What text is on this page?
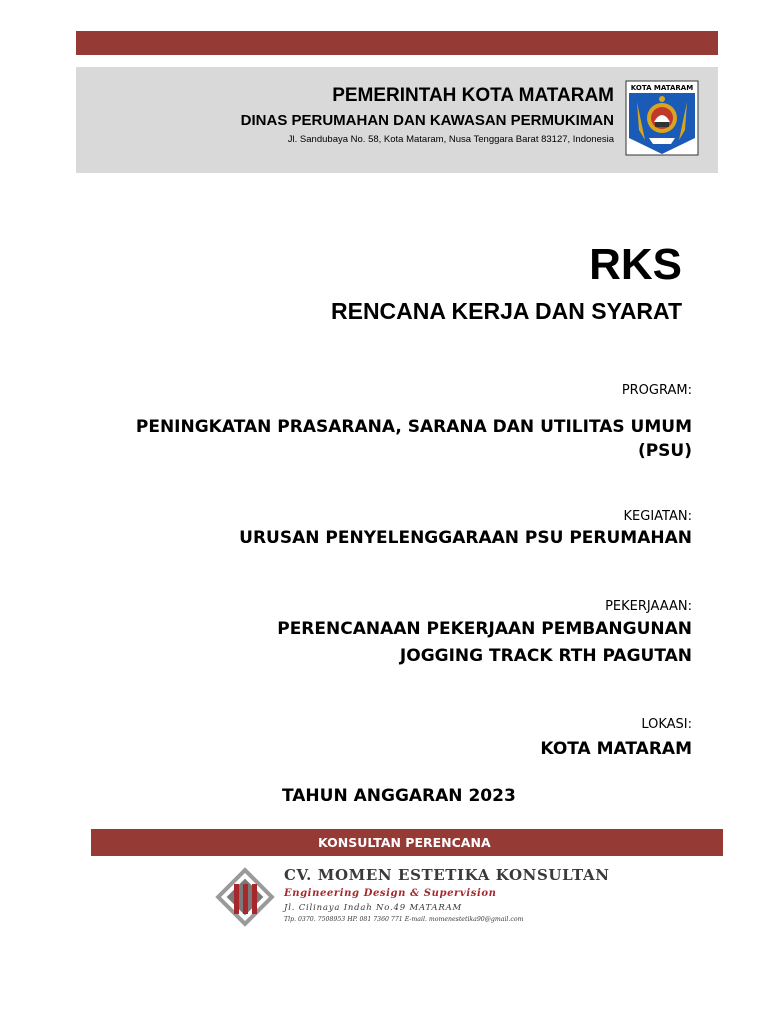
PEMERINTAH KOTA MATARAM
DINAS PERUMAHAN DAN KAWASAN PERMUKIMAN
Jl. Sandubaya No. 58, Kota Mataram, Nusa Tenggara Barat 83127, Indonesia
KOTA MATARAM
RKS
RENCANA KERJA DAN SYARAT
PROGRAM:
PENINGKATAN PRASARANA, SARANA DAN UTILITAS UMUM
(PSU)
KEGIATAN:
URUSAN PENYELENGGARAAN PSU PERUMAHAN
PEKERJAAAN:
PERENCANAAN PEKERJAAN PEMBANGUNAN
JOGGING TRACK RTH PAGUTAN
LOKASI:
KOTA MATARAM
TAHUN ANGGARAN 2023
KONSULTAN PERENCANA
CV. MOMEN ESTETIKA KONSULTAN
Engineering Design & Supervision
Jl. Cilinaya Indah No.49 MATARAM
Tlp. 0370. 7508953 HP. 081 7360 771 E-mail. momenestetika90@gmail.com
